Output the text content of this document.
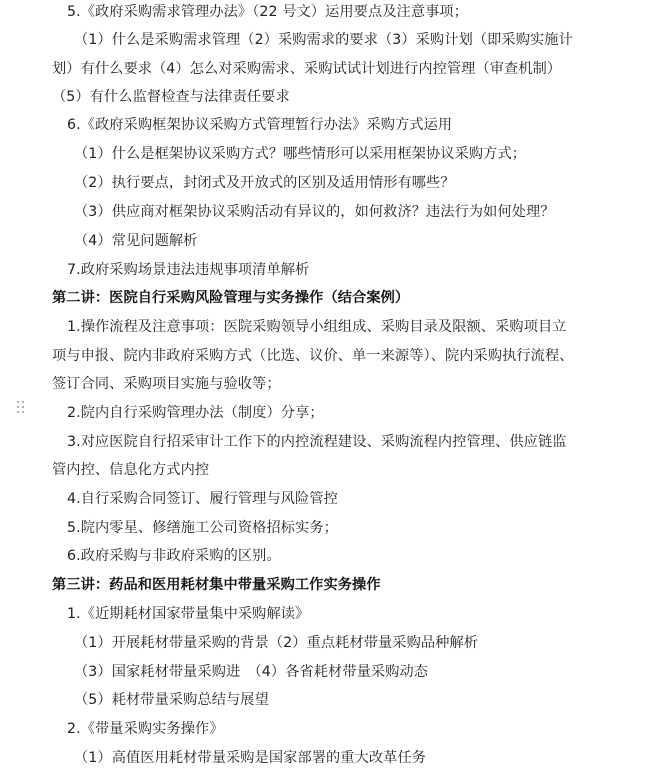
5.《政府采购需求管理办法》（22 号文）运用要点及注意事项；
（1）什么是采购需求管理（2）采购需求的要求（3）采购计划（即采购实施计
划）有什么要求（4）怎么对采购需求、采购试试计划进行内控管理（审查机制）
（5）有什么监督检查与法律责任要求
6.《政府采购框架协议采购方式管理暂行办法》采购方式运用
（1）什么是框架协议采购方式？哪些情形可以采用框架协议采购方式；
（2）执行要点，封闭式及开放式的区别及适用情形有哪些？
（3）供应商对框架协议采购活动有异议的，如何救济？违法行为如何处理？
（4）常见问题解析
7.政府采购场景违法违规事项清单解析
第二讲：医院自行采购风险管理与实务操作（结合案例）
1.操作流程及注意事项：医院采购领导小组组成、采购目录及限额、采购项目立
项与申报、院内非政府采购方式（比选、议价、单一来源等）、院内采购执行流程、
签订合同、采购项目实施与验收等；
2.院内自行采购管理办法（制度）分享；
3.对应医院自行招采审计工作下的内控流程建设、采购流程内控管理、供应链监
管内控、信息化方式内控
4.自行采购合同签订、履行管理与风险管控
5.院内零星、修缮施工公司资格招标实务；
6.政府采购与非政府采购的区别。
第三讲：药品和医用耗材集中带量采购工作实务操作
1.《近期耗材国家带量集中采购解读》
（1）开展耗材带量采购的背景（2）重点耗材带量采购品种解析
（3）国家耗材带量采购进　（4）各省耗材带量采购动态
（5）耗材带量采购总结与展望
2.《带量采购实务操作》
（1）高值医用耗材带量采购是国家部署的重大改革任务
